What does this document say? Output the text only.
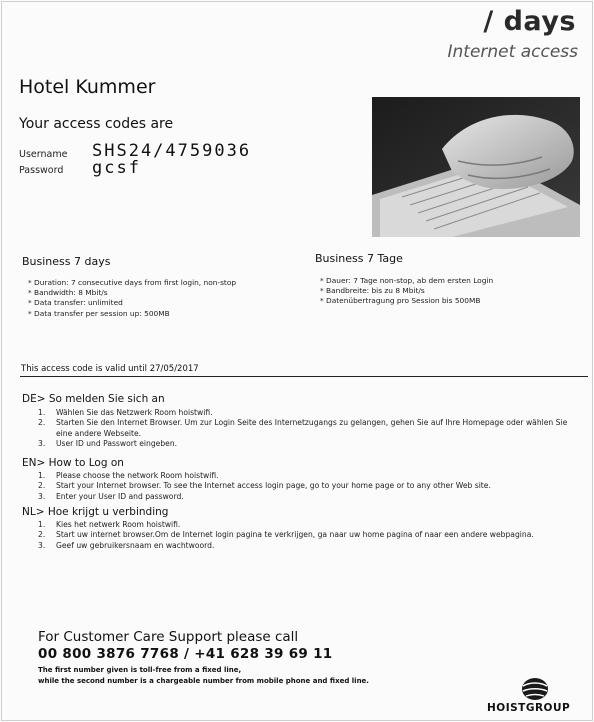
/ days
Internet access
Hotel Kummer
Your access codes are
Username SHS24/4759036
Password gcsf
Business 7 days
* Duration: 7 consecutive days from first login, non-stop
* Bandwidth: 8 Mbit/s
* Data transfer: unlimited
* Data transfer per session up: 500MB
Business 7 Tage
* Dauer: 7 Tage non-stop, ab dem ersten Login
* Bandbreite: bis zu 8 Mbit/s
* Datenübertragung pro Session bis 500MB
This access code is valid until 27/05/2017
DE> So melden Sie sich an
1. Wählen Sie das Netzwerk Room hoistwifi.
2. Starten Sie den Internet Browser. Um zur Login Seite des Internetzugangs zu gelangen, gehen Sie auf Ihre Homepage oder wählen Sie eine andere Webseite.
3. User ID und Passwort eingeben.
EN> How to Log on
1. Please choose the network Room hoistwifi.
2. Start your Internet browser. To see the Internet access login page, go to your home page or to any other Web site.
3. Enter your User ID and password.
NL> Hoe krijgt u verbinding
1. Kies het netwerk Room hoistwifi.
2. Start uw internet browser.Om de Internet login pagina te verkrijgen, ga naar uw home pagina of naar een andere webpagina.
3. Geef uw gebruikersnaam en wachtwoord.
For Customer Care Support please call
00 800 3876 7768 / +41 628 39 69 11
The first number given is toll-free from a fixed line,
while the second number is a chargeable number from mobile phone and fixed line.
HOISTGROUP
